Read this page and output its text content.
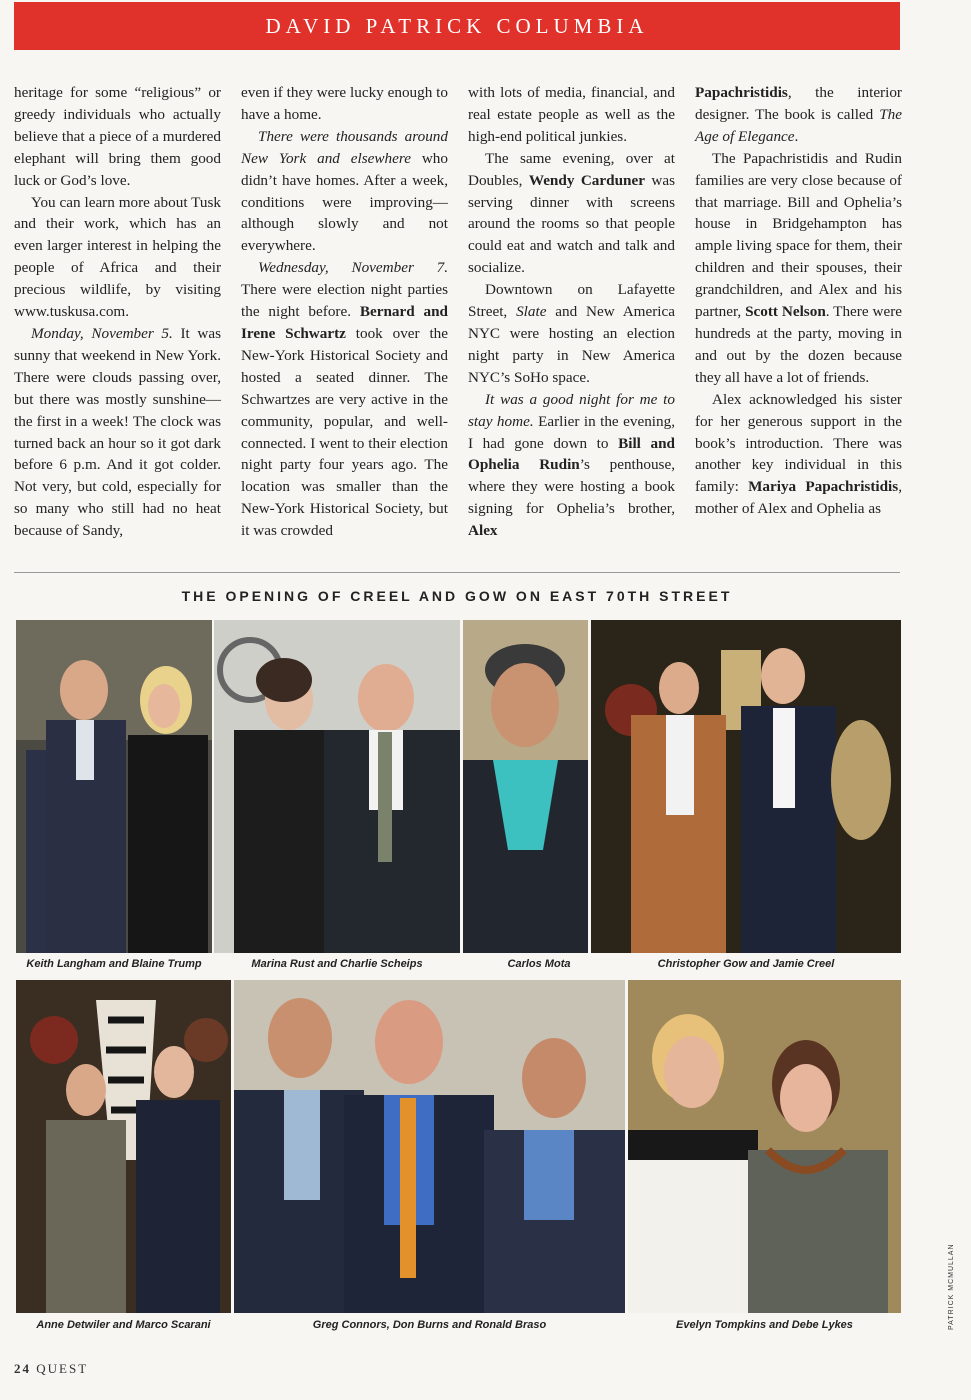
DAVID PATRICK COLUMBIA

heritage for some “religious” or greedy individuals who actually believe that a piece of a murdered elephant will bring them good luck or God’s love.

You can learn more about Tusk and their work, which has an even larger interest in helping the people of Africa and their precious wildlife, by visiting www.tuskusa.com.

Monday, November 5. It was sunny that weekend in New York. There were clouds passing over, but there was mostly sunshine—the first in a week! The clock was turned back an hour so it got dark before 6 p.m. And it got colder. Not very, but cold, especially for so many who still had no heat because of Sandy,

even if they were lucky enough to have a home.

There were thousands around New York and elsewhere who didn’t have homes. After a week, conditions were improving—although slowly and not everywhere.

Wednesday, November 7. There were election night parties the night before. Bernard and Irene Schwartz took over the New-York Historical Society and hosted a seated dinner. The Schwartzes are very active in the community, popular, and well-connected. I went to their election night party four years ago. The location was smaller than the New-York Historical Society, but it was crowded

with lots of media, financial, and real estate people as well as the high-end political junkies.

The same evening, over at Doubles, Wendy Carduner was serving dinner with screens around the rooms so that people could eat and watch and talk and socialize.

Downtown on Lafayette Street, Slate and New America NYC were hosting an election night party in New America NYC’s SoHo space.

It was a good night for me to stay home. Earlier in the evening, I had gone down to Bill and Ophelia Rudin’s penthouse, where they were hosting a book signing for Ophelia’s brother, Alex

Papachristidis, the interior designer. The book is called The Age of Elegance.

The Papachristidis and Rudin families are very close because of that marriage. Bill and Ophelia’s house in Bridgehampton has ample living space for them, their children and their spouses, their grandchildren, and Alex and his partner, Scott Nelson. There were hundreds at the party, moving in and out by the dozen because they all have a lot of friends.

Alex acknowledged his sister for her generous support in the book’s introduction. There was another key individual in this family: Mariya Papachristidis, mother of Alex and Ophelia as

THE OPENING OF CREEL AND GOW ON EAST 70TH STREET
Keith Langham and Blaine Trump	Marina Rust and Charlie Scheips	Carlos Mota	Christopher Gow and Jamie Creel
Anne Detwiler and Marco Scarani	Greg Connors, Don Burns and Ronald Braso	Evelyn Tompkins and Debe Lykes	PATRICK MCMULLAN
24 QUEST
